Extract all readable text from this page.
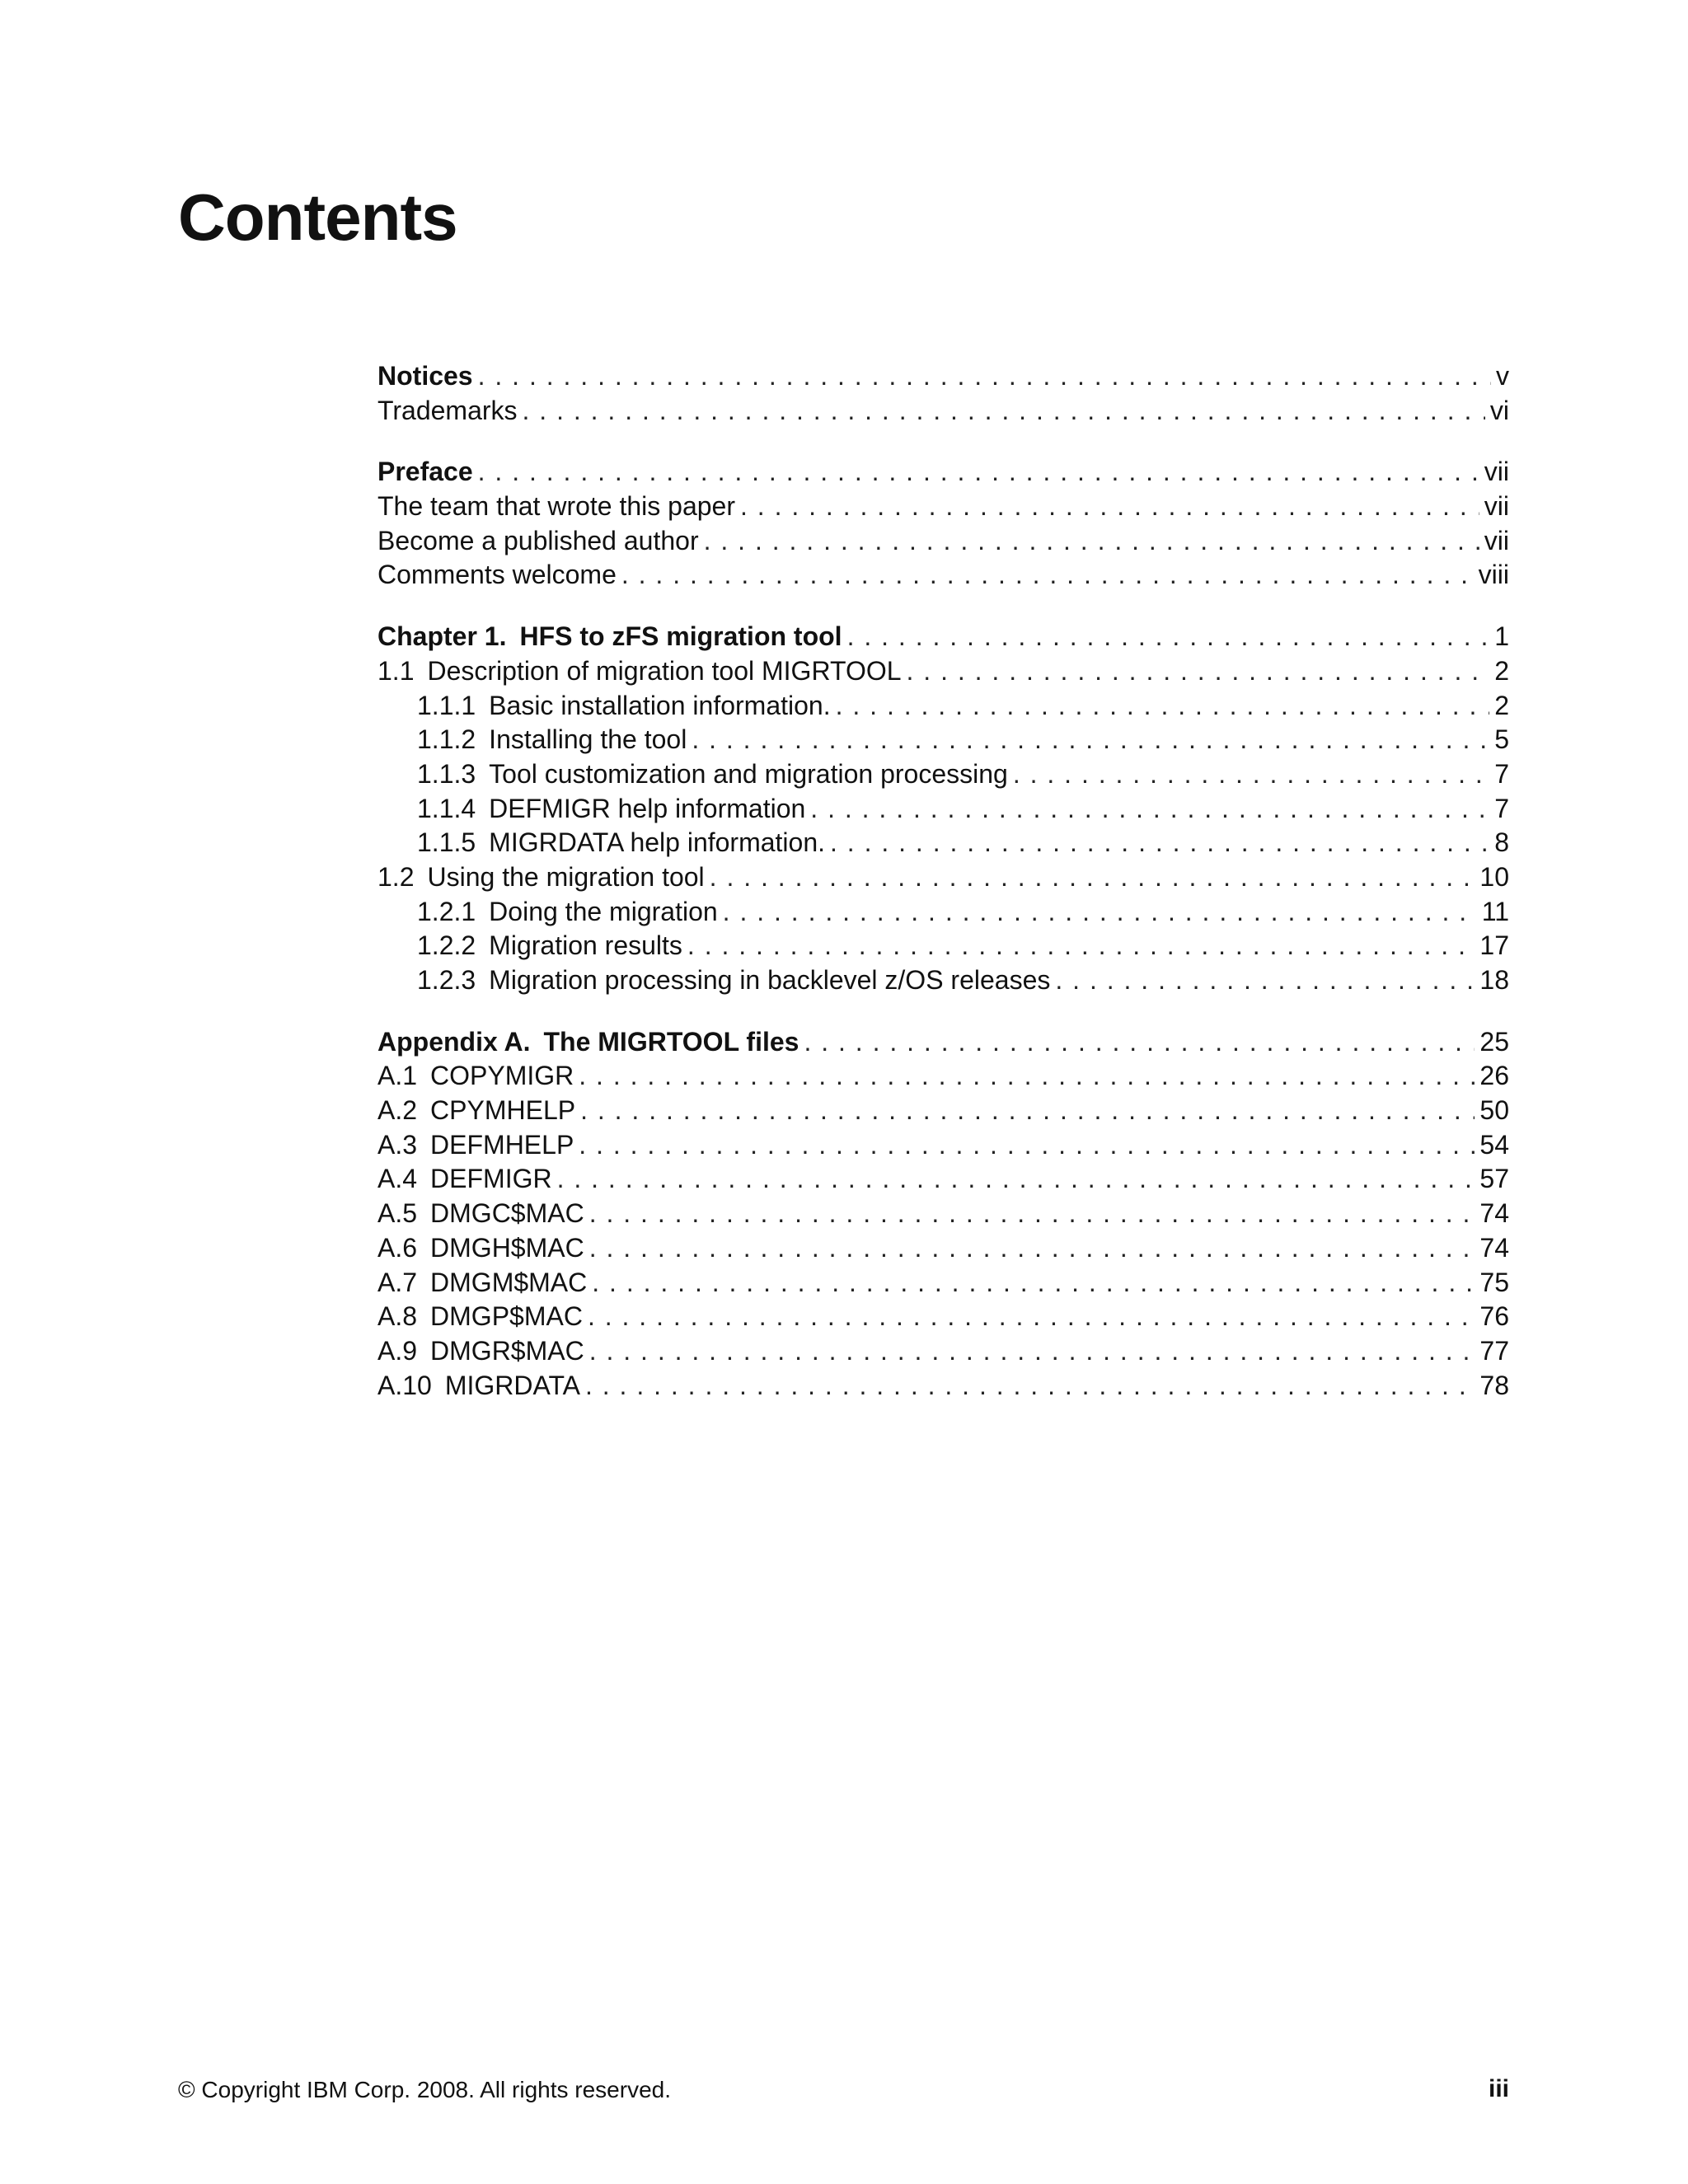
Contents
Notices . . .	v
Trademarks . . .	vi
Preface . . .	vii
The team that wrote this paper . . .	vii
Become a published author . . .	vii
Comments welcome . . .	viii
Chapter 1. HFS to zFS migration tool . . .	1
1.1 Description of migration tool MIGRTOOL . . .	2
1.1.1 Basic installation information. . . .	2
1.1.2 Installing the tool . . .	5
1.1.3 Tool customization and migration processing . . .	7
1.1.4 DEFMIGR help information . . .	7
1.1.5 MIGRDATA help information. . . .	8
1.2 Using the migration tool . . .	10
1.2.1 Doing the migration . . .	11
1.2.2 Migration results . . .	17
1.2.3 Migration processing in backlevel z/OS releases . . .	18
Appendix A. The MIGRTOOL files . . .	25
A.1 COPYMIGR . . .	26
A.2 CPYMHELP . . .	50
A.3 DEFMHELP . . .	54
A.4 DEFMIGR . . .	57
A.5 DMGC$MAC . . .	74
A.6 DMGH$MAC . . .	74
A.7 DMGM$MAC . . .	75
A.8 DMGP$MAC . . .	76
A.9 DMGR$MAC . . .	77
A.10 MIGRDATA . . .	78
© Copyright IBM Corp. 2008. All rights reserved.	iii
